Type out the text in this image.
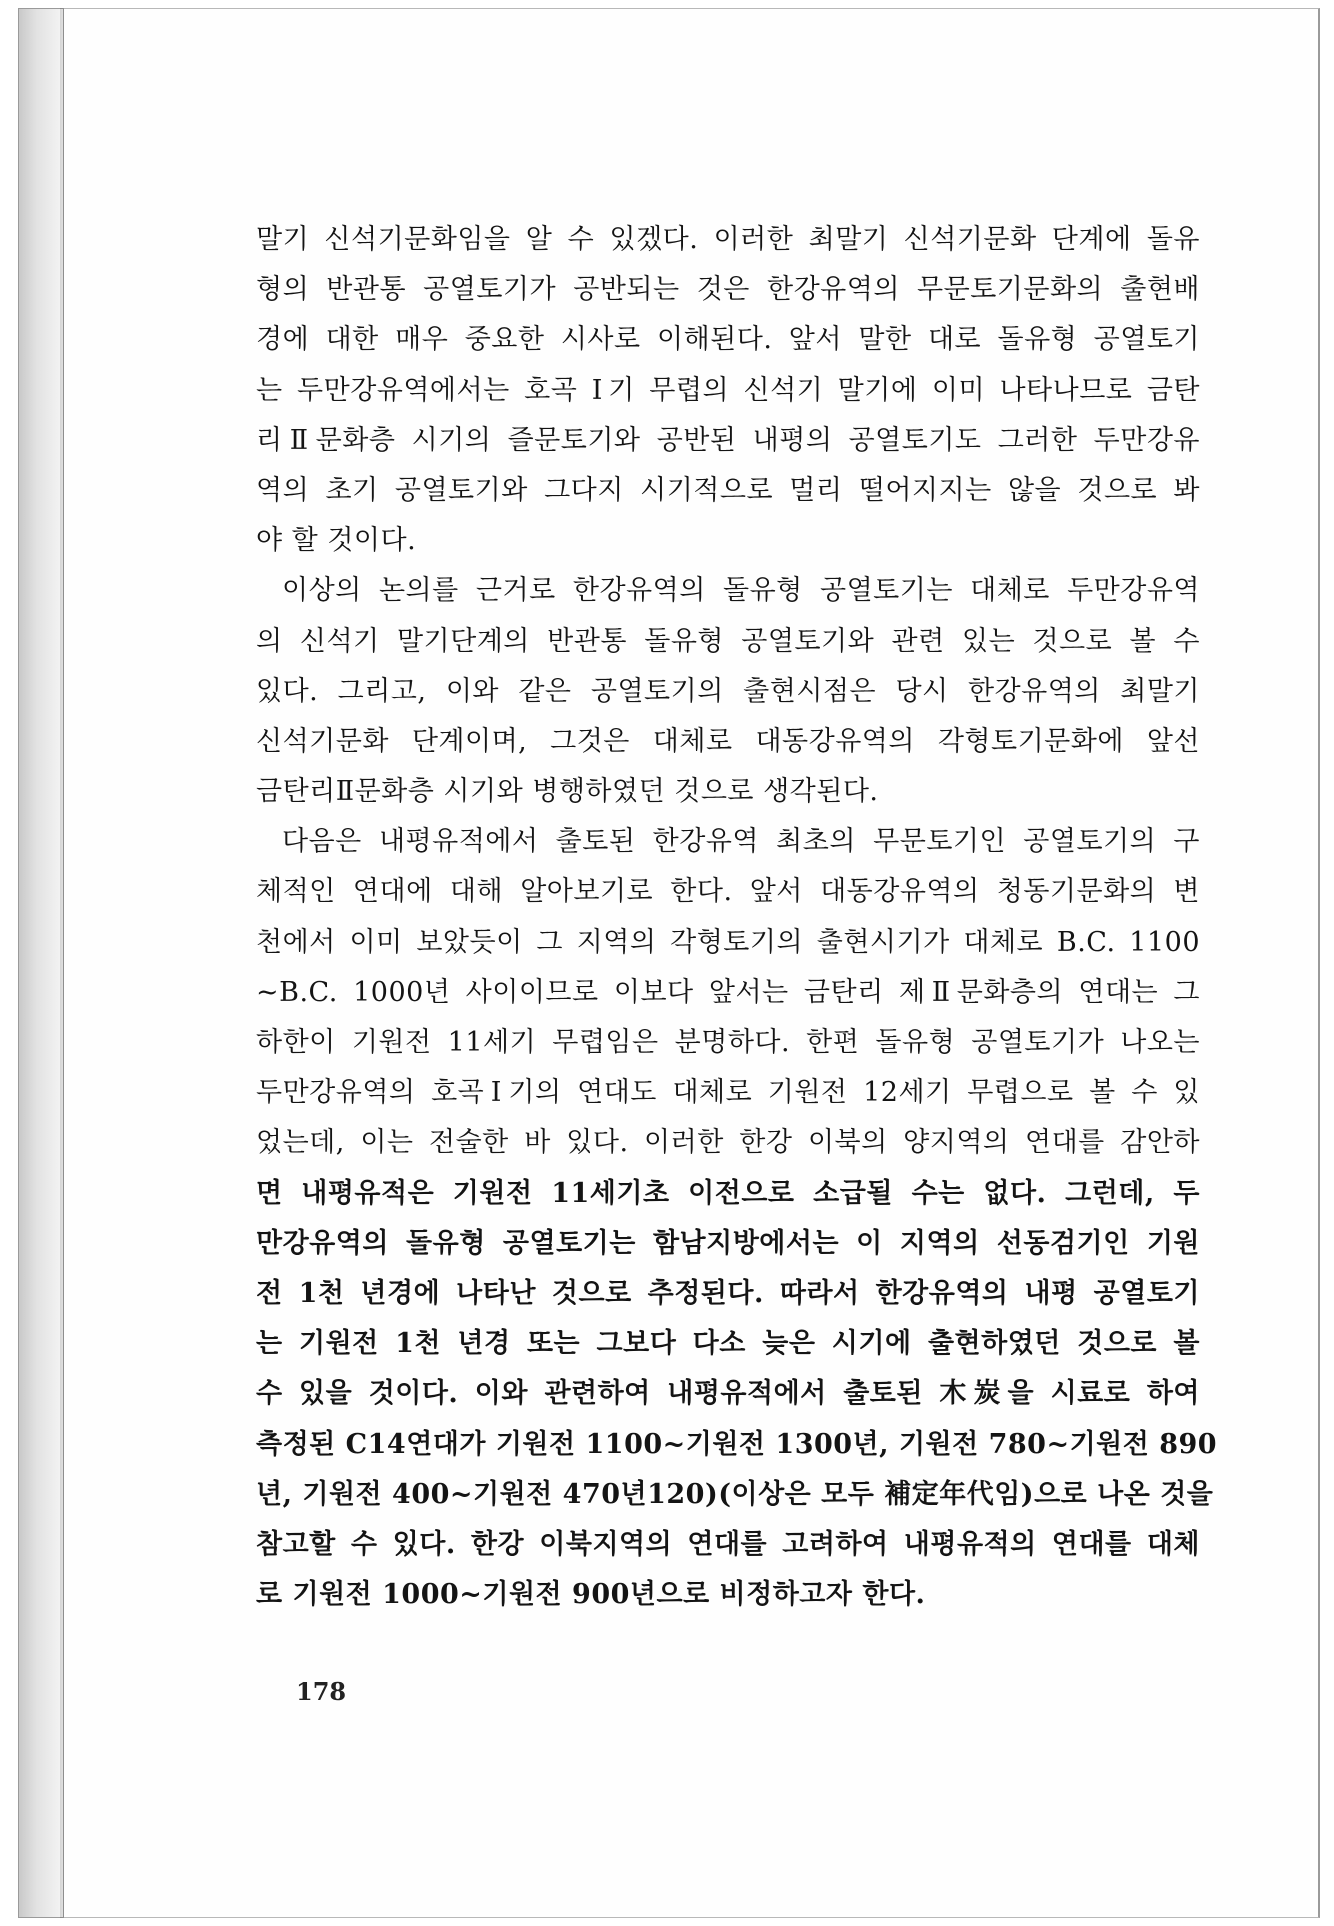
말기 신석기문화임을 알 수 있겠다. 이러한 최말기 신석기문화 단계에 돌유
형의 반관통 공열토기가 공반되는 것은 한강유역의 무문토기문화의 출현배
경에 대한 매우 중요한 시사로 이해된다. 앞서 말한 대로 돌유형 공열토기
는 두만강유역에서는 호곡 Ⅰ기 무렵의 신석기 말기에 이미 나타나므로 금탄
리Ⅱ문화층 시기의 즐문토기와 공반된 내평의 공열토기도 그러한 두만강유
역의 초기 공열토기와 그다지 시기적으로 멀리 떨어지지는 않을 것으로 봐
야 할 것이다.
이상의 논의를 근거로 한강유역의 돌유형 공열토기는 대체로 두만강유역
의 신석기 말기단계의 반관통 돌유형 공열토기와 관련 있는 것으로 볼 수
있다. 그리고, 이와 같은 공열토기의 출현시점은 당시 한강유역의 최말기
신석기문화 단계이며, 그것은 대체로 대동강유역의 각형토기문화에 앞선
금탄리Ⅱ문화층 시기와 병행하였던 것으로 생각된다.
다음은 내평유적에서 출토된 한강유역 최초의 무문토기인 공열토기의 구
체적인 연대에 대해 알아보기로 한다. 앞서 대동강유역의 청동기문화의 변
천에서 이미 보았듯이 그 지역의 각형토기의 출현시기가 대체로 B.C. 1100
~B.C. 1000년 사이이므로 이보다 앞서는 금탄리 제Ⅱ문화층의 연대는 그
하한이 기원전 11세기 무렵임은 분명하다. 한편 돌유형 공열토기가 나오는
두만강유역의 호곡Ⅰ기의 연대도 대체로 기원전 12세기 무렵으로 볼 수 있
었는데, 이는 전술한 바 있다. 이러한 한강 이북의 양지역의 연대를 감안하
면 내평유적은 기원전 11세기초 이전으로 소급될 수는 없다. 그런데, 두
만강유역의 돌유형 공열토기는 함남지방에서는 이 지역의 선동검기인 기원
전 1천 년경에 나타난 것으로 추정된다. 따라서 한강유역의 내평 공열토기
는 기원전 1천 년경 또는 그보다 다소 늦은 시기에 출현하였던 것으로 볼
수 있을 것이다. 이와 관련하여 내평유적에서 출토된 木炭을 시료로 하여
측정된 C14연대가 기원전 1100~기원전 1300년, 기원전 780~기원전 890
년, 기원전 400~기원전 470년120)(이상은 모두 補定年代임)으로 나온 것을
참고할 수 있다. 한강 이북지역의 연대를 고려하여 내평유적의 연대를 대체
로 기원전 1000~기원전 900년으로 비정하고자 한다.
178
